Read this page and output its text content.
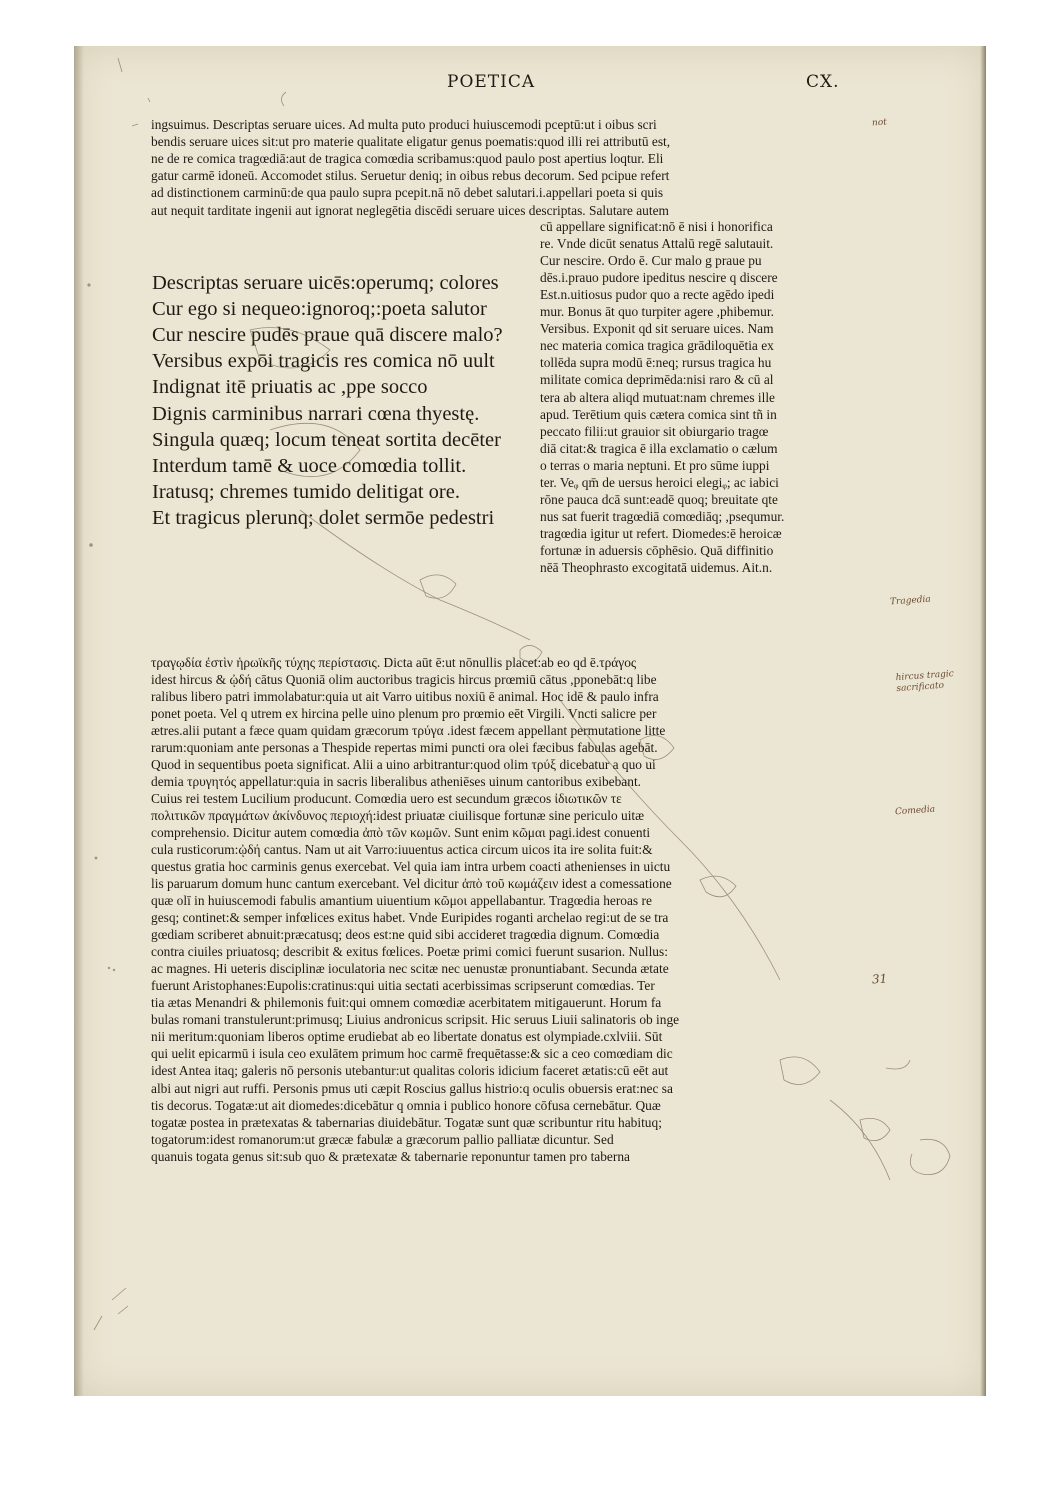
POETICA	CX.
ingsuimus. Descriptas seruare uices. Ad multa puto produci huiuscemodi pceptū:ut i oibus scri
bendis seruare uices sit:ut pro materie qualitate eligatur genus poematis:quod illi rei attributū est,
ne de re comica tragœdiā:aut de tragica comœdia scribamus:quod paulo post apertius loqtur. Eli
gatur carmē idoneū. Accomodet stilus. Seruetur deniq; in oibus rebus decorum. Sed pcipue refert
ad distinctionem carminū:de qua paulo supra pcepit.nā nō debet salutari.i.appellari poeta si quis
aut nequit tarditate ingenii aut ignorat neglegētia discēdi seruare uices descriptas. Salutare autem
cū appellare significat:nō ē nisi i honorifica
re. Vnde dicūt senatus Attalū regē salutauit.
Cur nescire. Ordo ē. Cur malo g praue pu
dēs.i.prauo pudore ipeditus nescire q discere
Est.n.uitiosus pudor quo a recte agēdo ipedi
mur. Bonus āt quo turpiter agere ,phibemur.
Versibus. Exponit qd sit seruare uices. Nam
nec materia comica tragica grādiloquētia ex
tollēda supra modū ē:neq; rursus tragica hu
militate comica deprimēda:nisi raro & cū al
tera ab altera aliqd mutuat:nam chremes ille
apud. Terētium quis cætera comica sint tñ in
peccato filii:ut grauior sit obiurgario tragœ
diā citat:& tragica ē illa exclamatio o cælum
o terras o maria neptuni. Et pro sūme iuppi
ter. Veᵩ qm̄ de uersus heroici elegiᵩ; ac iabici
rōne pauca dcā sunt:eadē quoq; breuitate qte
nus sat fuerit tragœdiā comœdiāq; ,psequmur.
tragœdia igitur ut refert. Diomedes:ē heroicæ
fortunæ in aduersis cōphēsio. Quā diffinitio
nēā Theophrasto excogitatā uidemus. Ait.n.
Descriptas seruare uicēs:operumq; colores
Cur ego si nequeo:ignoroq;:poeta salutor
Cur nescire pudēs praue quā discere malo?
Versibus expōi tragicis res comica nō uult
Indignat itē priuatis ac ,ppe socco
Dignis carminibus narrari cœna thyestę.
Singula quæq; locum teneat sortita decēter
Interdum tamē & uoce comœdia tollit.
Iratusq; chremes tumido delitigat ore.
Et tragicus plerunq; dolet sermōe pedestri
τραγῳδία ἐστὶν ἡρωϊκῆς τύχης περίστασις. Dicta aūt ē:ut nōnullis placet:ab eo qd ē.τράγος
idest hircus & ᾠδή cātus Quoniā olim auctoribus tragicis hircus prœmiū cātus ,pponebāt:q libe
ralibus libero patri immolabatur:quia ut ait Varro uitibus noxiū ē animal. Hoc idē & paulo infra
ponet poeta. Vel q utrem ex hircina pelle uino plenum pro prœmio eēt Virgili. Vncti salicre per
ætres.alii putant a fæce quam quidam græcorum τρύγα .idest fæcem appellant permutatione litte
rarum:quoniam ante personas a Thespide repertas mimi puncti ora olei fæcibus fabulas agebāt.
Quod in sequentibus poeta significat. Alii a uino arbitrantur:quod olim τρύξ dicebatur a quo ui
demia τρυγητός appellatur:quia in sacris liberalibus atheniēses uinum cantoribus exibebant.
Cuius rei testem Lucilium producunt. Comœdia uero est secundum græcos ἰδιωτικῶν τε
πολιτικῶν πραγμάτων ἀκίνδυνος περιοχή:idest priuatæ ciuilisque fortunæ sine periculo uitæ
comprehensio. Dicitur autem comœdia ἀπὸ τῶν κωμῶν. Sunt enim κῶμαι pagi.idest conuenti
cula rusticorum:ᾠδή cantus. Nam ut ait Varro:iuuentus actica circum uicos ita ire solita fuit:&
questus gratia hoc carminis genus exercebat. Vel quia iam intra urbem coacti athenienses in uictu
lis paruarum domum hunc cantum exercebant. Vel dicitur ἀπὸ τοῦ κωμάζειν idest a comessatione
quæ olī in huiuscemodi fabulis amantium uiuentium κῶμοι appellabantur. Tragœdia heroas re
gesq; continet:& semper infœlices exitus habet. Vnde Euripides roganti archelao regi:ut de se tra
gœdiam scriberet abnuit:præcatusq; deos est:ne quid sibi accideret tragœdia dignum. Comœdia
contra ciuiles priuatosq; describit & exitus fœlices. Poetæ primi comici fuerunt susarion. Nullus:
ac magnes. Hi ueteris disciplinæ ioculatoria nec scitæ nec uenustæ pronuntiabant. Secunda ætate
fuerunt Aristophanes:Eupolis:cratinus:qui uitia sectati acerbissimas scripserunt comœdias. Ter
tia ætas Menandri & philemonis fuit:qui omnem comœdiæ acerbitatem mitigauerunt. Horum fa
bulas romani transtulerunt:primusq; Liuius andronicus scripsit. Hic seruus Liuii salinatoris ob inge
nii meritum:quoniam liberos optime erudiebat ab eo libertate donatus est olympiade.cxlviii. Sūt
qui uelit epicarmū i isula ceo exulātem primum hoc carmē frequētasse:& sic a ceo comœdiam dic
idest Antea itaq; galeris nō personis utebantur:ut qualitas coloris idicium faceret ætatis:cū eēt aut
albi aut nigri aut ruffi. Personis pmus uti cæpit Roscius gallus histrio:q oculis obuersis erat:nec sa
tis decorus. Togatæ:ut ait diomedes:dicebātur q omnia i publico honore cōfusa cernebātur. Quæ
togatæ postea in prætexatas & tabernarias diuidebātur. Togatæ sunt quæ scribuntur ritu habituq;
togatorum:idest romanorum:ut græcæ fabulæ a græcorum pallio palliatæ dicuntur. Sed
quanuis togata genus sit:sub quo & prætexatæ & tabernarie reponuntur tamen pro taberna
not
Tragedia
hircus tragic sacrificato
Comedia
31
